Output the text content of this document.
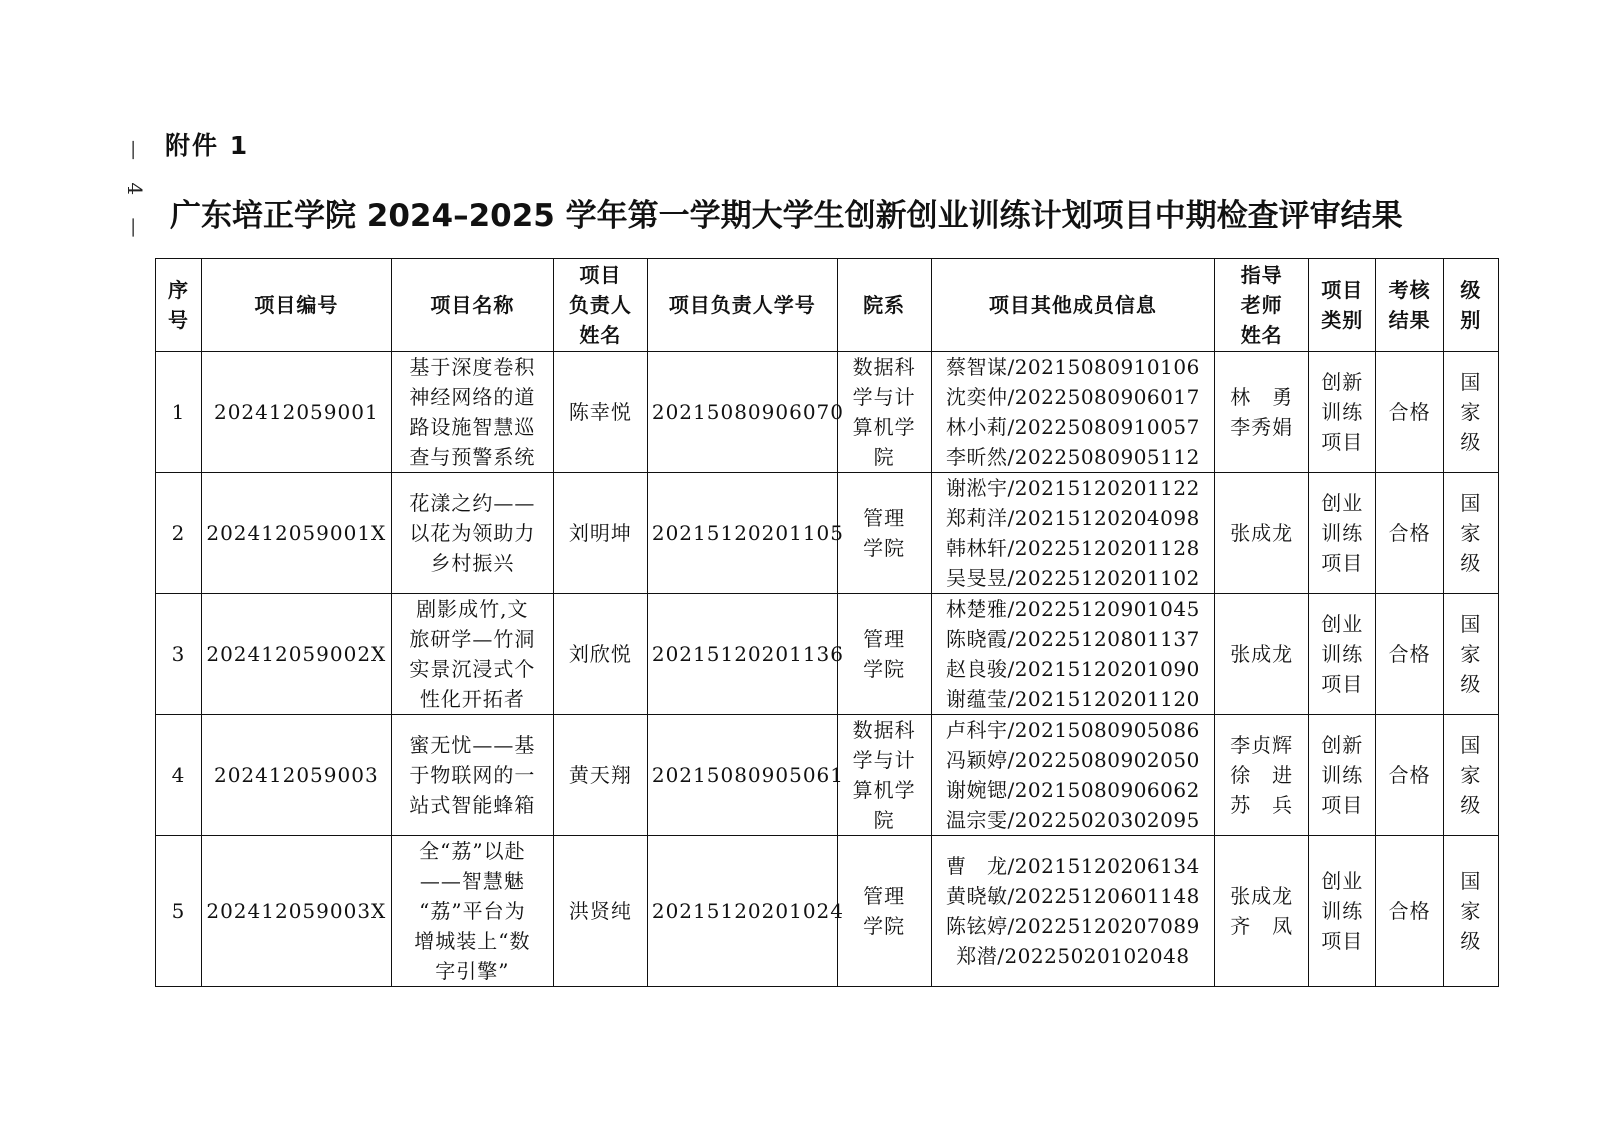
— 4 — 附件 1
广东培正学院 2024–2025 学年第一学期大学生创新创业训练计划项目中期检查评审结果
序
号	项目编号	项目名称	项目
负责人
姓名	项目负责人学号	院系	项目其他成员信息	指导
老师
姓名	项目
类别	考核
结果	级
别

1	202412059001	基于深度卷积
神经网络的道
路设施智慧巡
查与预警系统	陈幸悦	20215080906070	数据科
学与计
算机学
院	蔡智谋/20215080910106
沈奕仲/20225080906017
林小莉/20225080910057
李昕然/20225080905112	林　勇
李秀娟	创新
训练
项目	合格	国
家
级

2	202412059001X	花漾之约——
以花为领助力
乡村振兴	刘明坤	20215120201105	管理
学院	谢淞宇/20215120201122
郑莉洋/20215120204098
韩林轩/20225120201128
吴旻昱/20225120201102	张成龙	创业
训练
项目	合格	国
家
级

3	202412059002X	剧影成竹,文
旅研学—竹洞
实景沉浸式个
性化开拓者	刘欣悦	20215120201136	管理
学院	林楚雅/20225120901045
陈晓霞/20225120801137
赵良骏/20215120201090
谢蕴莹/20215120201120	张成龙	创业
训练
项目	合格	国
家
级

4	202412059003	蜜无忧——基
于物联网的一
站式智能蜂箱	黄天翔	20215080905061	数据科
学与计
算机学
院	卢科宇/20215080905086
冯颖婷/20225080902050
谢婉锶/20215080906062
温宗雯/20225020302095	李贞辉
徐　进
苏　兵	创新
训练
项目	合格	国
家
级

5	202412059003X	全“荔”以赴
——智慧魅
“荔”平台为
增城装上“数
字引擎”	洪贤纯	20215120201024	管理
学院	曹　龙/20215120206134
黄晓敏/20225120601148
陈铉婷/20225120207089
郑潜/20225020102048	张成龙
齐　凤	创业
训练
项目	合格	国
家
级
